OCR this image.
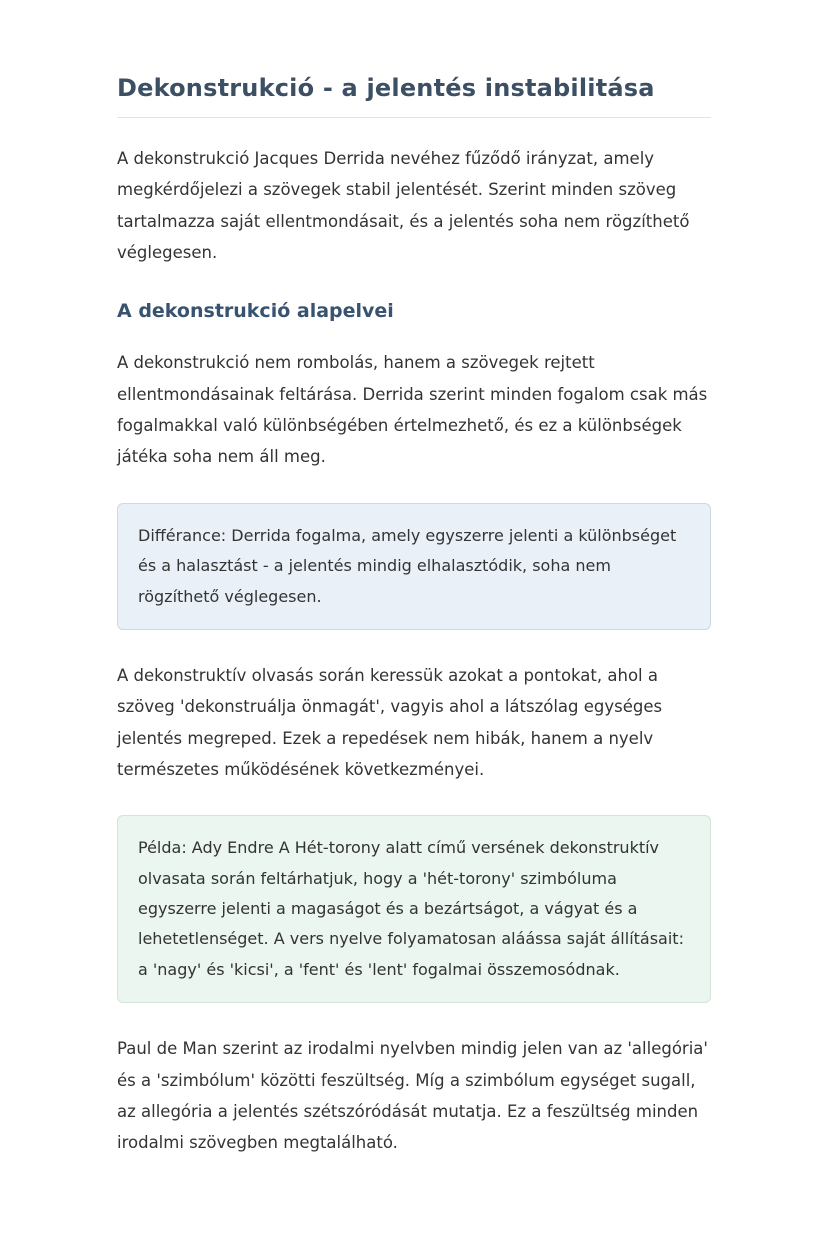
Dekonstrukció - a jelentés instabilitása

A dekonstrukció Jacques Derrida nevéhez fűződő irányzat, amely megkérdőjelezi a szövegek stabil jelentését. Szerint minden szöveg tartalmazza saját ellentmondásait, és a jelentés soha nem rögzíthető véglegesen.

A dekonstrukció alapelvei

A dekonstrukció nem rombolás, hanem a szövegek rejtett ellentmondásainak feltárása. Derrida szerint minden fogalom csak más fogalmakkal való különbségében értelmezhető, és ez a különbségek játéka soha nem áll meg.

Différance: Derrida fogalma, amely egyszerre jelenti a különbséget és a halasztást - a jelentés mindig elhalasztódik, soha nem rögzíthető véglegesen.

A dekonstruktív olvasás során keressük azokat a pontokat, ahol a szöveg 'dekonstruálja önmagát', vagyis ahol a látszólag egységes jelentés megreped. Ezek a repedések nem hibák, hanem a nyelv természetes működésének következményei.

Példa: Ady Endre A Hét-torony alatt című versének dekonstruktív olvasata során feltárhatjuk, hogy a 'hét-torony' szimbóluma egyszerre jelenti a magaságot és a bezártságot, a vágyat és a lehetetlenséget. A vers nyelve folyamatosan aláássa saját állításait: a 'nagy' és 'kicsi', a 'fent' és 'lent' fogalmai összemosódnak.

Paul de Man szerint az irodalmi nyelvben mindig jelen van az 'allegória' és a 'szimbólum' közötti feszültség. Míg a szimbólum egységet sugall, az allegória a jelentés szétszóródását mutatja. Ez a feszültség minden irodalmi szövegben megtalálható.
